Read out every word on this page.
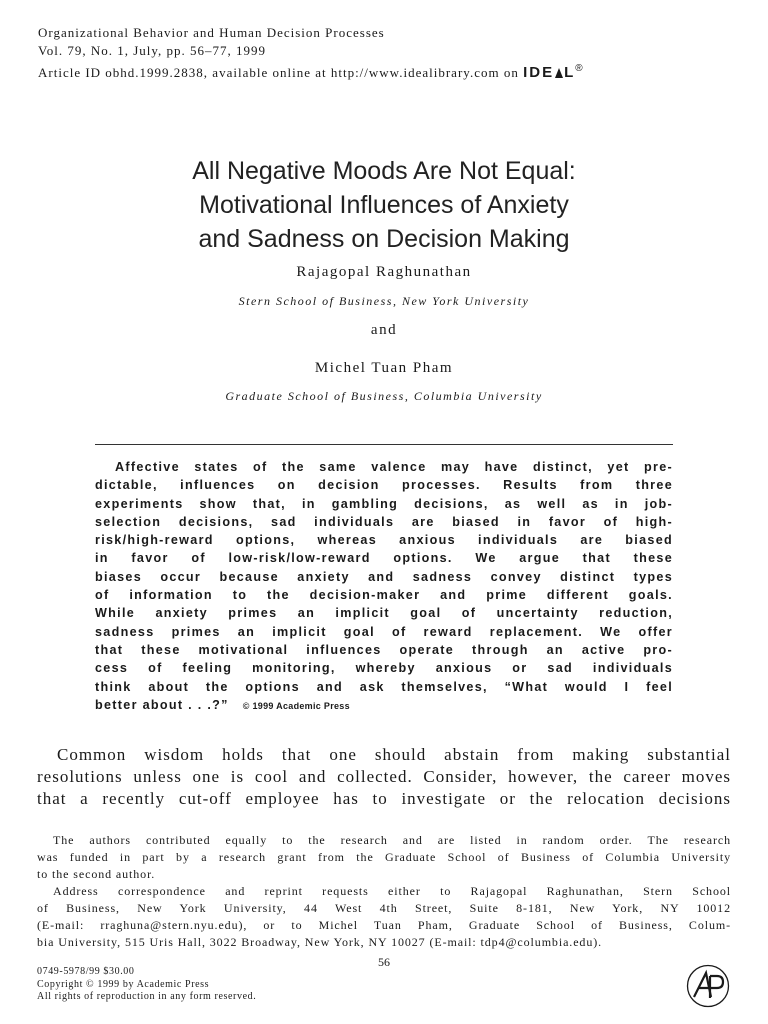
Organizational Behavior and Human Decision Processes
Vol. 79, No. 1, July, pp. 56–77, 1999
Article ID obhd.1999.2838, available online at http://www.idealibrary.com on IDE L®
All Negative Moods Are Not Equal:
Motivational Influences of Anxiety
and Sadness on Decision Making
Rajagopal Raghunathan
Stern School of Business, New York University
and
Michel Tuan Pham
Graduate School of Business, Columbia University
Affective states of the same valence may have distinct, yet pre-
dictable, influences on decision processes. Results from three
experiments show that, in gambling decisions, as well as in job-
selection decisions, sad individuals are biased in favor of high-
risk/high-reward options, whereas anxious individuals are biased
in favor of low-risk/low-reward options. We argue that these
biases occur because anxiety and sadness convey distinct types
of information to the decision-maker and prime different goals.
While anxiety primes an implicit goal of uncertainty reduction,
sadness primes an implicit goal of reward replacement. We offer
that these motivational influences operate through an active pro-
cess of feeling monitoring, whereby anxious or sad individuals
think about the options and ask themselves, “What would I feel
better about . . .?” © 1999 Academic Press
Common wisdom holds that one should abstain from making substantial
resolutions unless one is cool and collected. Consider, however, the career moves
that a recently cut-off employee has to investigate or the relocation decisions
The authors contributed equally to the research and are listed in random order. The research
was funded in part by a research grant from the Graduate School of Business of Columbia University
to the second author.
Address correspondence and reprint requests either to Rajagopal Raghunathan, Stern School
of Business, New York University, 44 West 4th Street, Suite 8-181, New York, NY 10012
(E-mail: rraghuna@stern.nyu.edu), or to Michel Tuan Pham, Graduate School of Business, Colum-
bia University, 515 Uris Hall, 3022 Broadway, New York, NY 10027 (E-mail: tdp4@columbia.edu).
56
0749-5978/99 $30.00
Copyright © 1999 by Academic Press
All rights of reproduction in any form reserved.
